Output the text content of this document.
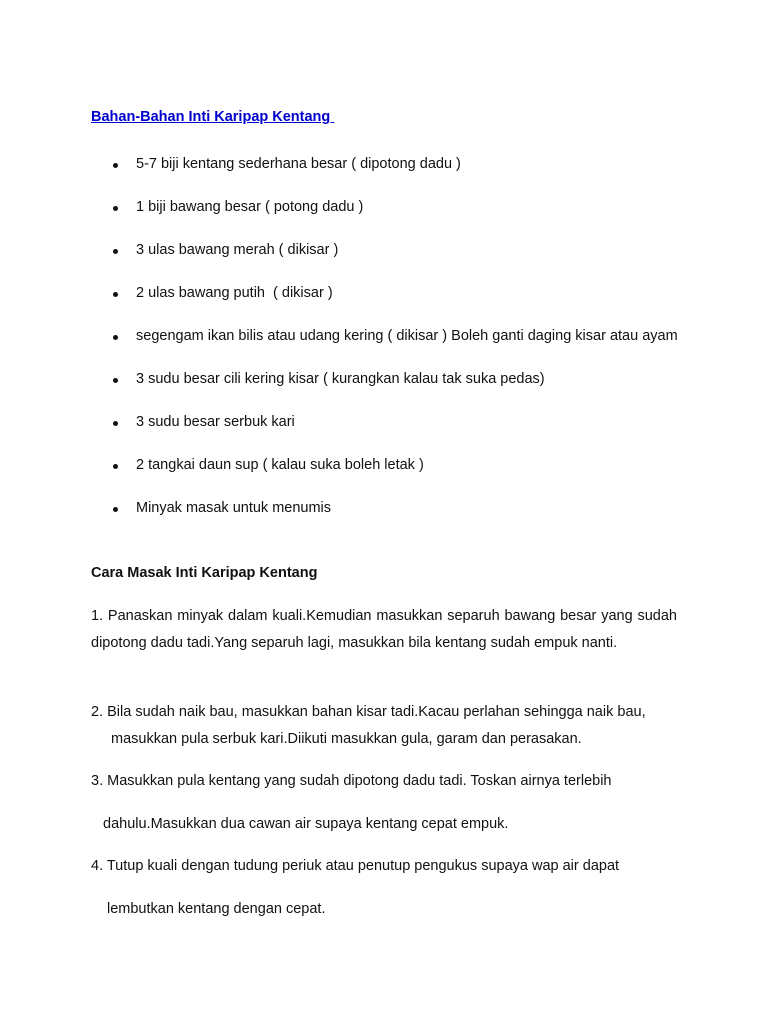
Bahan-Bahan Inti Karipap Kentang
5-7 biji kentang sederhana besar ( dipotong dadu )
1 biji bawang besar ( potong dadu )
3 ulas bawang merah ( dikisar )
2 ulas bawang putih  ( dikisar )
segengam ikan bilis atau udang kering ( dikisar ) Boleh ganti daging kisar atau ayam
3 sudu besar cili kering kisar ( kurangkan kalau tak suka pedas)
3 sudu besar serbuk kari
2 tangkai daun sup ( kalau suka boleh letak )
Minyak masak untuk menumis
Cara Masak Inti Karipap Kentang
1. Panaskan minyak dalam kuali.Kemudian masukkan separuh bawang besar yang sudah dipotong dadu tadi.Yang separuh lagi, masukkan bila kentang sudah empuk nanti.
2. Bila sudah naik bau, masukkan bahan kisar tadi.Kacau perlahan sehingga naik bau,
masukkan pula serbuk kari.Diikuti masukkan gula, garam dan perasakan.
3. Masukkan pula kentang yang sudah dipotong dadu tadi. Toskan airnya terlebih
dahulu.Masukkan dua cawan air supaya kentang cepat empuk.
4. Tutup kuali dengan tudung periuk atau penutup pengukus supaya wap air dapat
lembutkan kentang dengan cepat.
